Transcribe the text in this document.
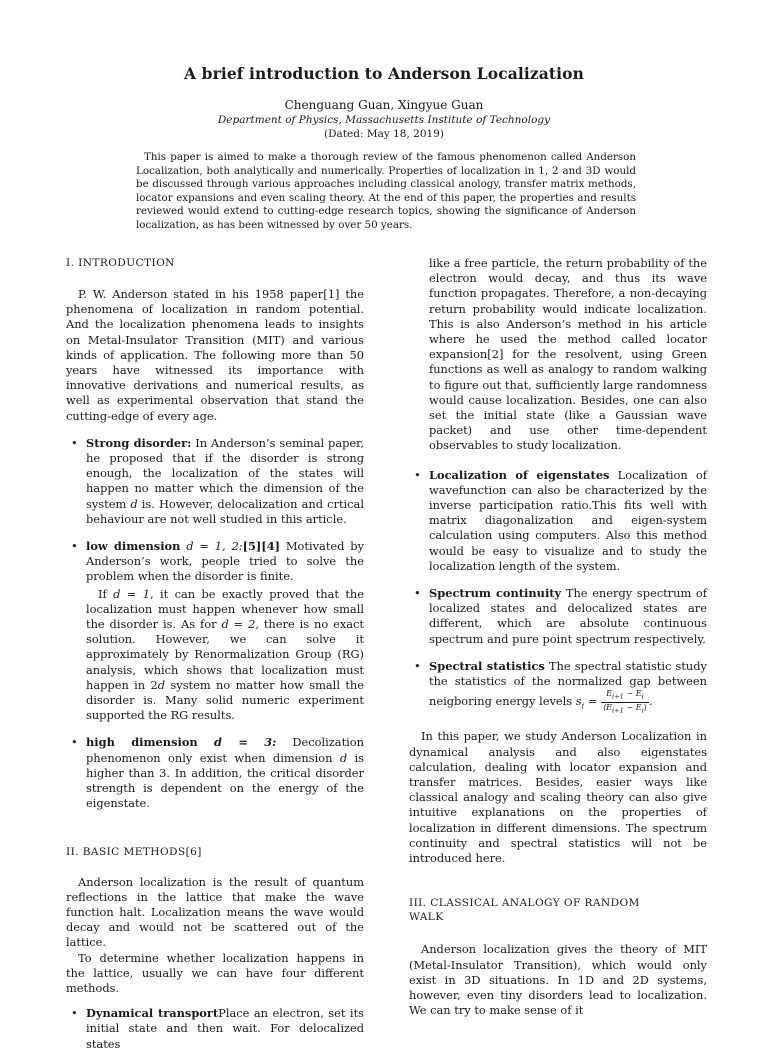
A brief introduction to Anderson Localization
Chenguang Guan, Xingyue Guan
Department of Physics, Massachusetts Institute of Technology
(Dated: May 18, 2019)

This paper is aimed to make a thorough review of the famous phenomenon called Anderson Localization, both analytically and numerically. Properties of localization in 1, 2 and 3D would be discussed through various approaches including classical anology, transfer matrix methods, locator expansions and even scaling theory. At the end of this paper, the properties and results reviewed would extend to cutting-edge research topics, showing the significance of Anderson localization, as has been witnessed by over 50 years.

I. INTRODUCTION

P. W. Anderson stated in his 1958 paper[1] the phenomena of localization in random potential. And the localization phenomena leads to insights on Metal-Insulator Transition (MIT) and various kinds of application. The following more than 50 years have witnessed its importance with innovative derivations and numerical results, as well as experimental observation that stand the cutting-edge of every age.

• Strong disorder: In Anderson’s seminal paper, he proposed that if the disorder is strong enough, the localization of the states will happen no matter which the dimension of the system d is. However, delocalization and crtical behaviour are not well studied in this article.
• low dimension d = 1, 2:[5][4] Motivated by Anderson’s work, people tried to solve the problem when the disorder is finite.

If d = 1, it can be exactly proved that the localization must happen whenever how small the disorder is. As for d = 2, there is no exact solution. However, we can solve it approximately by Renormalization Group (RG) analysis, which shows that localization must happen in 2d system no matter how small the disorder is. Many solid numeric experiment supported the RG results.

• high dimension d = 3: Decolization phenomenon only exist when dimension d is higher than 3. In addition, the critical disorder strength is dependent on the energy of the eigenstate.

II. BASIC METHODS[6]

Anderson localization is the result of quantum reflections in the lattice that make the wave function halt. Localization means the wave would decay and would not be scattered out of the lattice.

To determine whether localization happens in the lattice, usually we can have four different methods.

• Dynamical transportPlace an electron, set its initial state and then wait. For delocalized states

like a free particle, the return probability of the electron would decay, and thus its wave function propagates. Therefore, a non-decaying return probability would indicate localization. This is also Anderson’s method in his article where he used the method called locator expansion[2] for the resolvent, using Green functions as well as analogy to random walking to figure out that, sufficiently large randomness would cause localization. Besides, one can also set the initial state (like a Gaussian wave packet) and use other time-dependent observables to study localization.

• Localization of eigenstates Localization of wavefunction can also be characterized by the inverse participation ratio.This fits well with matrix diagonalization and eigen-system calculation using computers. Also this method would be easy to visualize and to study the localization length of the system.
• Spectrum continuity The energy spectrum of localized states and delocalized states are different, which are absolute continuous spectrum and pure point spectrum respectively.
• Spectral statistics The spectral statistic study the statistics of the normalized gap between neigboring energy levels $s_i = \frac{E_{i+1} - E_i}{⟨E_{i+1} - E_i⟩}$ .

In this paper, we study Anderson Localization in dynamical analysis and also eigenstates calculation, dealing with locator expansion and transfer matrices. Besides, easier ways like classical analogy and scaling theory can also give intuitive explanations on the properties of localization in different dimensions. The spectrum continuity and spectral statistics will not be introduced here.

III. CLASSICAL ANALOGY OF RANDOM
WALK

Anderson localization gives the theory of MIT (Metal-Insulator Transition), which would only exist in 3D situations. In 1D and 2D systems, however, even tiny disorders lead to localization. We can try to make sense of it
